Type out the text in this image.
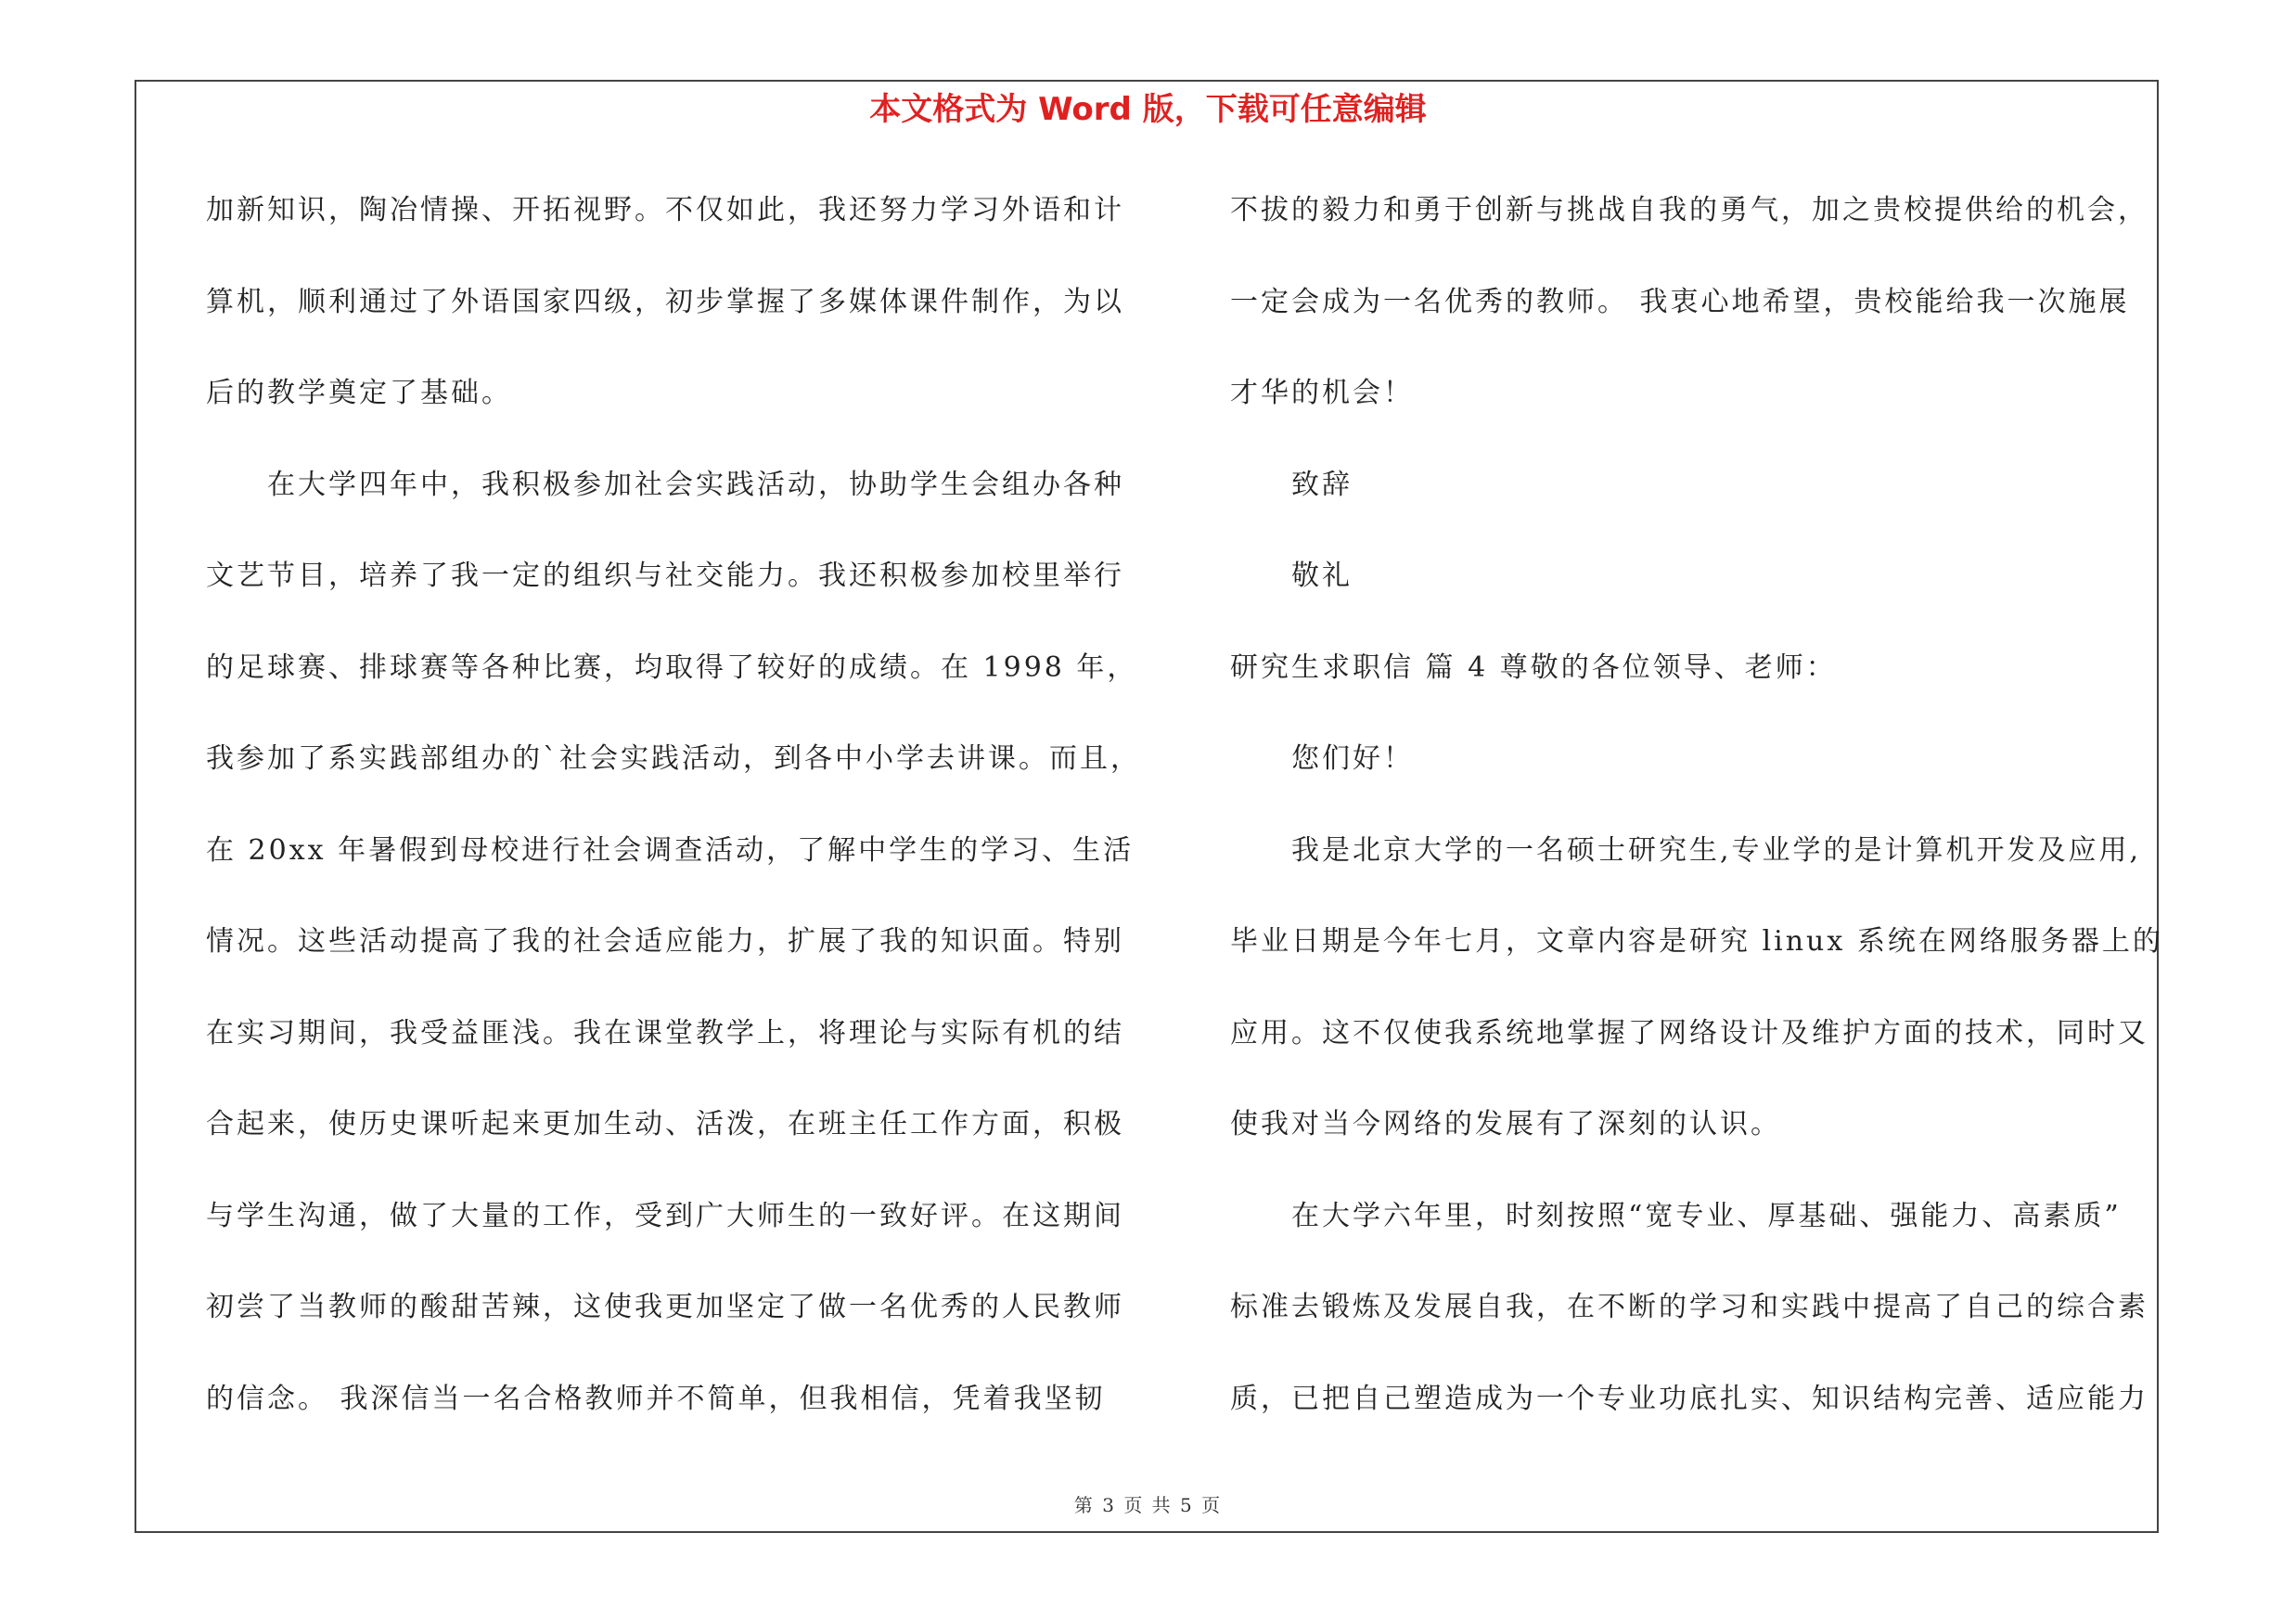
本文格式为 Word 版，下载可任意编辑
加新知识，陶冶情操、开拓视野。不仅如此，我还努力学习外语和计
算机，顺利通过了外语国家四级，初步掌握了多媒体课件制作，为以
后的教学奠定了基础。
在大学四年中，我积极参加社会实践活动，协助学生会组办各种
文艺节目，培养了我一定的组织与社交能力。我还积极参加校里举行
的足球赛、排球赛等各种比赛，均取得了较好的成绩。在 1998 年，
我参加了系实践部组办的`社会实践活动，到各中小学去讲课。而且，
在 20xx 年暑假到母校进行社会调查活动，了解中学生的学习、生活
情况。这些活动提高了我的社会适应能力，扩展了我的知识面。特别
在实习期间，我受益匪浅。我在课堂教学上，将理论与实际有机的结
合起来，使历史课听起来更加生动、活泼，在班主任工作方面，积极
与学生沟通，做了大量的工作，受到广大师生的一致好评。在这期间
初尝了当教师的酸甜苦辣，这使我更加坚定了做一名优秀的人民教师
的信念。 我深信当一名合格教师并不简单，但我相信，凭着我坚韧
不拔的毅力和勇于创新与挑战自我的勇气，加之贵校提供给的机会，
一定会成为一名优秀的教师。 我衷心地希望，贵校能给我一次施展
才华的机会！
致辞
敬礼
研究生求职信 篇 4 尊敬的各位领导、老师：
您们好！
我是北京大学的一名硕士研究生,专业学的是计算机开发及应用,
毕业日期是今年七月，文章内容是研究 linux 系统在网络服务器上的
应用。这不仅使我系统地掌握了网络设计及维护方面的技术，同时又
使我对当今网络的发展有了深刻的认识。
在大学六年里，时刻按照“宽专业、厚基础、强能力、高素质”
标准去锻炼及发展自我，在不断的学习和实践中提高了自己的综合素
质，已把自己塑造成为一个专业功底扎实、知识结构完善、适应能力
第 3 页 共 5 页
